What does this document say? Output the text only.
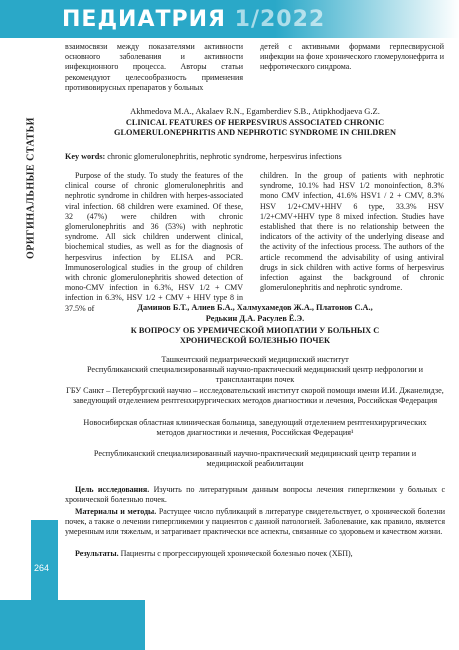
ПЕДИАТРИЯ 1/2022
ОРИГИНАЛЬНЫЕ СТАТЬИ
264
взаимосвязи между показателями активности основного заболевания и активности инфекционного процесса. Авторы статьи рекомендуют целесообразность применения противовирусных препаратов у больных
детей с активными формами герпесвирусной инфекции на фоне хронического гломерулонефрита и нефротического синдрома.
Akhmedova M.A., Akalaev R.N., Egamberdiev S.B., Atipkhodjaeva G.Z.
CLINICAL FEATURES OF HERPESVIRUS ASSOCIATED CHRONIC GLOMERULONEPHRITIS AND NEPHROTIC SYNDROME IN CHILDREN
Key words: chronic glomerulonephritis, nephrotic syndrome, herpesvirus infections
Purpose of the study. To study the features of the clinical course of chronic glomerulonephritis and nephrotic syndrome in children with herpes-associated viral infection. 68 children were examined. Of these, 32 (47%) were children with chronic glomerulonephritis and 36 (53%) with nephrotic syndrome. All sick children underwent clinical, biochemical studies, as well as for the diagnosis of herpesvirus infection by ELISA and PCR. Immunoserological studies in the group of children with chronic glomerulonephritis showed detection of mono-CMV infection in 6.3%, HSV 1/2 + CMV infection in 6.3%, HSV 1/2 + CMV + HHV type 8 in 37.5% of
children. In the group of patients with nephrotic syndrome, 10.1% had HSV 1/2 monoinfection, 8.3% mono CMV infection, 41.6% HSV1 / 2 + CMV, 8.3% HSV 1/2+CMV+HHV 6 type, 33.3% HSV 1/2+CMV+HHV type 8 mixed infection. Studies have established that there is no relationship between the indicators of the activity of the underlying disease and the activity of the infectious process. The authors of the article recommend the advisability of using antiviral drugs in sick children with active forms of herpesvirus infection against the background of chronic glomerulonephritis and nephrotic syndrome.
Даминов Б.Т., Алиев Б.А., Халмухамедов Ж.А., Платонов С.А.,
Редькин Д.А. Расулев Ё.Э.
К ВОПРОСУ ОБ УРЕМИЧЕСКОЙ МИОПАТИИ У БОЛЬНЫХ С ХРОНИЧЕСКОЙ БОЛЕЗНЬЮ ПОЧЕК
Ташкентский педиатрический медицинский институт
Республиканский специализированный научно-практический медицинский центр нефрологии и трансплантации почек
ГБУ Санкт – Петербургский научно – исследовательский институт скорой помощи имени И.И. Джанелидзе, заведующий отделением рентгенхирургических методов диагностики и лечения, Российская Федерация
Новосибирская областная клиническая больница, заведующий отделением рентгенхирургических методов диагностики и лечения, Российская Федерация¹
Республиканский специализированный научно-практический медицинский центр терапии и медицинской реабилитации
Цель исследования. Изучить по литературным данным вопросы лечения гиперглкемии у больных с хронической болезнью почек.
Материалы и методы. Растущее число публикаций в литературе свидетельствует, о хронической болезни почек, а также о лечении гипергликемии у пациентов с данной патологией. Заболевание, как правило, является умеренным или тяжелым, и затрагивает практически все аспекты, связанные со здоровьем и качеством жизни.
Результаты. Пациенты с прогрессирующей хронической болезнью почек (ХБП),
